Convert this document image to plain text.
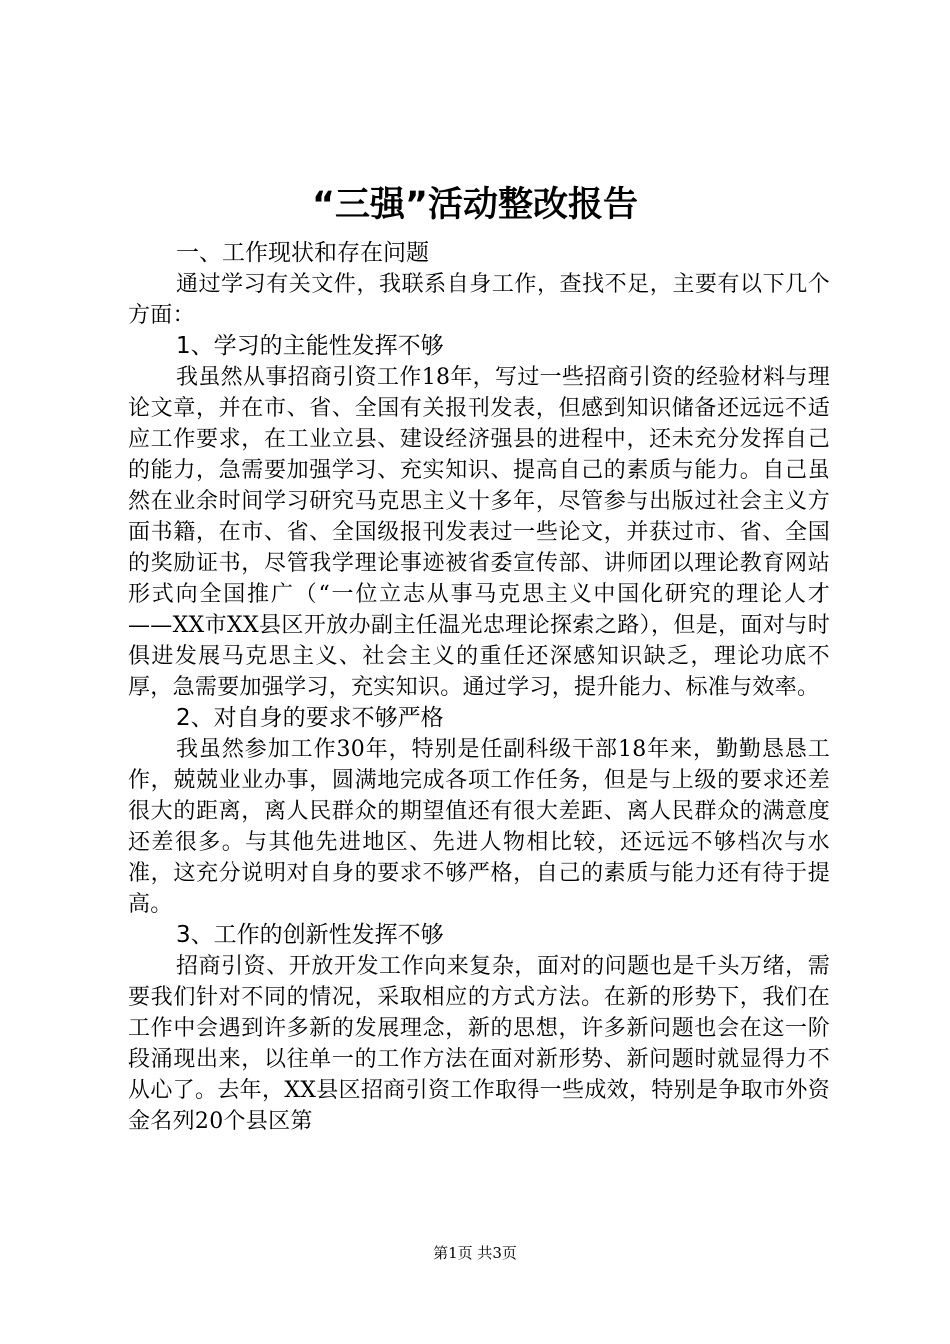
“三强”活动整改报告
一、工作现状和存在问题

通过学习有关文件，我联系自身工作，查找不足，主要有以下几个方面：

1、学习的主能性发挥不够

我虽然从事招商引资工作18年，写过一些招商引资的经验材料与理论文章，并在市、省、全国有关报刊发表，但感到知识储备还远远不适应工作要求，在工业立县、建设经济强县的进程中，还未充分发挥自己的能力，急需要加强学习、充实知识、提高自己的素质与能力。自己虽然在业余时间学习研究马克思主义十多年，尽管参与出版过社会主义方面书籍，在市、省、全国级报刊发表过一些论文，并获过市、省、全国的奖励证书，尽管我学理论事迹被省委宣传部、讲师团以理论教育网站形式向全国推广（“一位立志从事马克思主义中国化研究的理论人才——XX市XX县区开放办副主任温光忠理论探索之路），但是，面对与时俱进发展马克思主义、社会主义的重任还深感知识缺乏，理论功底不厚，急需要加强学习，充实知识。通过学习，提升能力、标准与效率。

2、对自身的要求不够严格

我虽然参加工作30年，特别是任副科级干部18年来，勤勤恳恳工作，兢兢业业办事，圆满地完成各项工作任务，但是与上级的要求还差很大的距离，离人民群众的期望值还有很大差距、离人民群众的满意度还差很多。与其他先进地区、先进人物相比较，还远远不够档次与水准，这充分说明对自身的要求不够严格，自己的素质与能力还有待于提高。

3、工作的创新性发挥不够

招商引资、开放开发工作向来复杂，面对的问题也是千头万绪，需要我们针对不同的情况，采取相应的方式方法。在新的形势下，我们在工作中会遇到许多新的发展理念，新的思想，许多新问题也会在这一阶段涌现出来，以往单一的工作方法在面对新形势、新问题时就显得力不从心了。去年，XX县区招商引资工作取得一些成效，特别是争取市外资金名列20个县区第

第1页 共3页
